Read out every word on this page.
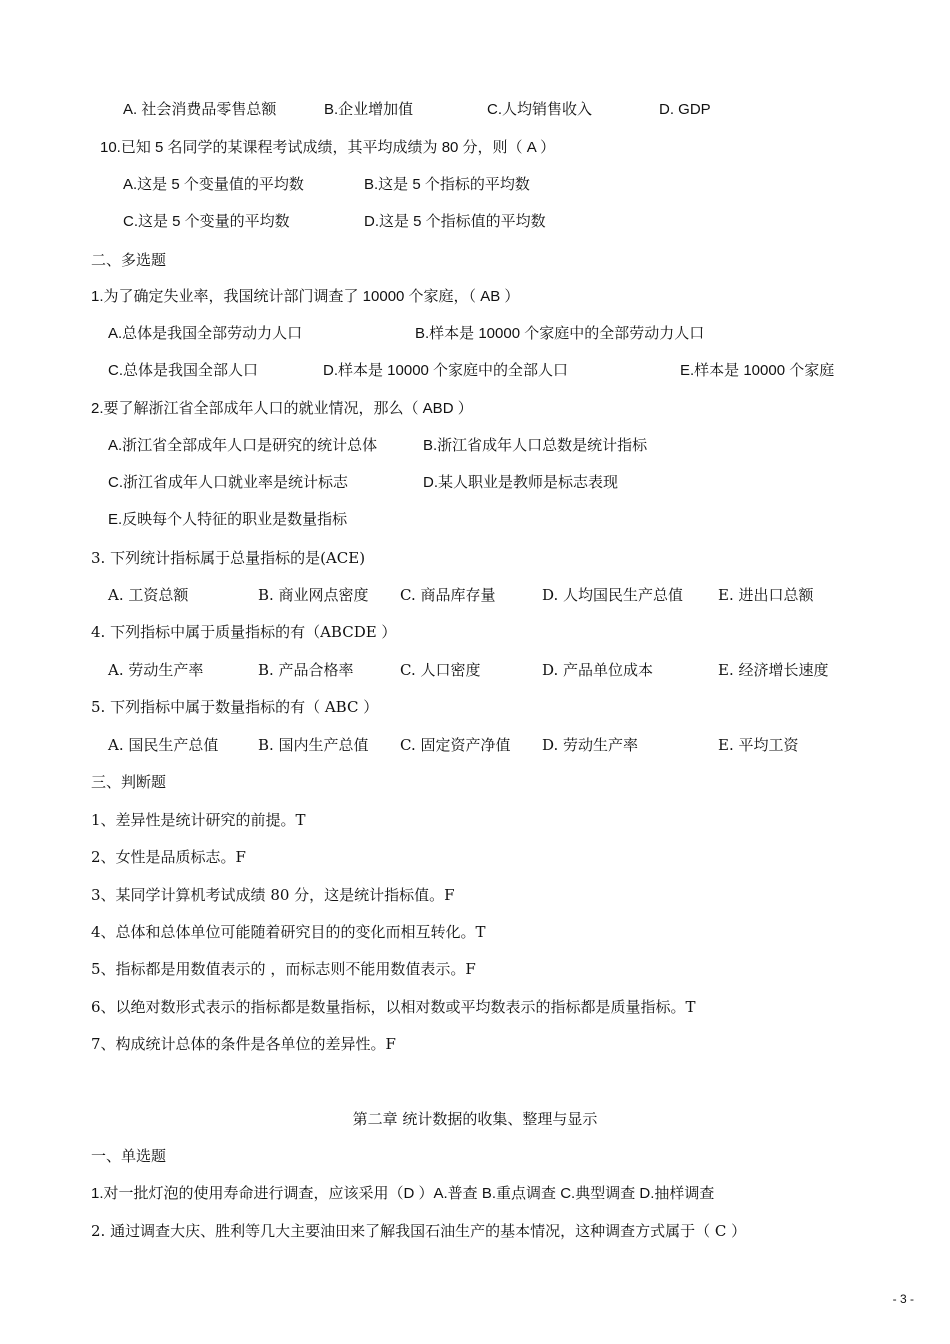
A. 社会消费品零售总额	B.企业增加值	C.人均销售收入	D. GDP
10.已知 5 名同学的某课程考试成绩，其平均成绩为 80 分，则（ A ）
A.这是 5 个变量值的平均数	B.这是 5 个指标的平均数
C.这是 5 个变量的平均数	D.这是 5 个指标值的平均数
二、多选题
1.为了确定失业率，我国统计部门调查了 10000 个家庭，（ AB ）
A.总体是我国全部劳动力人口	B.样本是 10000 个家庭中的全部劳动力人口
C.总体是我国全部人口	D.样本是 10000 个家庭中的全部人口	E.样本是 10000 个家庭
2.要了解浙江省全部成年人口的就业情况，那么（ ABD ）
A.浙江省全部成年人口是研究的统计总体	B.浙江省成年人口总数是统计指标
C.浙江省成年人口就业率是统计标志	D.某人职业是教师是标志表现
E.反映每个人特征的职业是数量指标
3. 下列统计指标属于总量指标的是(ACE)
A. 工资总额	B. 商业网点密度 C. 商品库存量	D. 人均国民生产总值 E. 进出口总额
4. 下列指标中属于质量指标的有（ABCDE ）
A. 劳动生产率	B. 产品合格率	C. 人口密度	D. 产品单位成本	E. 经济增长速度
5. 下列指标中属于数量指标的有（ ABC ）
A. 国民生产总值	B. 国内生产总值 C. 固定资产净值 D. 劳动生产率	E. 平均工资
三、判断题
1、差异性是统计研究的前提。T
2、女性是品质标志。F
3、某同学计算机考试成绩 80 分，这是统计指标值。F
4、总体和总体单位可能随着研究目的的变化而相互转化。T
5、指标都是用数值表示的 ，而标志则不能用数值表示。F
6、以绝对数形式表示的指标都是数量指标，以相对数或平均数表示的指标都是质量指标。T
7、构成统计总体的条件是各单位的差异性。F
第二章 统计数据的收集、整理与显示
一、单选题
1.对一批灯泡的使用寿命进行调查，应该采用（D ）A.普查 B.重点调查 C.典型调查 D.抽样调查
2. 通过调查大庆、胜利等几大主要油田来了解我国石油生产的基本情况，这种调查方式属于（ C ）
- 3 -
